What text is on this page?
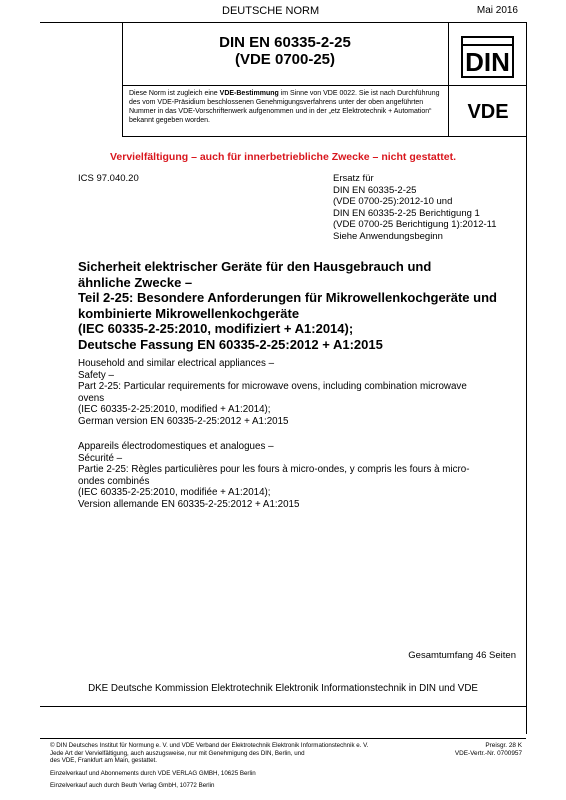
DEUTSCHE NORM	Mai 2016
DIN EN 60335-2-25
(VDE 0700-25)	DIN
Diese Norm ist zugleich eine VDE-Bestimmung im Sinne von VDE 0022. Sie ist nach Durchführung des vom VDE-Präsidium beschlossenen Genehmigungsverfahrens unter der oben angeführten Nummer in das VDE-Vorschriftenwerk aufgenommen und in der „etz Elektrotechnik + Automation“ bekannt gegeben worden.	VDE
Vervielfältigung – auch für innerbetriebliche Zwecke – nicht gestattet.
ICS 97.040.20	Ersatz für
DIN EN 60335-2-25
(VDE 0700-25):2012-10 und
DIN EN 60335-2-25 Berichtigung 1
(VDE 0700-25 Berichtigung 1):2012-11
Siehe Anwendungsbeginn
Sicherheit elektrischer Geräte für den Hausgebrauch und
ähnliche Zwecke –
Teil 2-25: Besondere Anforderungen für Mikrowellenkochgeräte und
kombinierte Mikrowellenkochgeräte
(IEC 60335-2-25:2010, modifiziert + A1:2014);
Deutsche Fassung EN 60335-2-25:2012 + A1:2015
Household and similar electrical appliances –
Safety –
Part 2-25: Particular requirements for microwave ovens, including combination microwave
ovens
(IEC 60335-2-25:2010, modified + A1:2014);
German version EN 60335-2-25:2012 + A1:2015
Appareils électrodomestiques et analogues –
Sécurité –
Partie 2-25: Règles particulières pour les fours à micro-ondes, y compris les fours à micro-
ondes combinés
(IEC 60335-2-25:2010, modifiée + A1:2014);
Version allemande EN 60335-2-25:2012 + A1:2015
Gesamtumfang 46 Seiten
DKE Deutsche Kommission Elektrotechnik Elektronik Informationstechnik in DIN und VDE
© DIN Deutsches Institut für Normung e. V. und VDE Verband der Elektrotechnik Elektronik Informationstechnik e. V.
Jede Art der Vervielfältigung, auch auszugsweise, nur mit Genehmigung des DIN, Berlin, und
des VDE, Frankfurt am Main, gestattet.
Preisgr. 28 K
VDE-Vertr.-Nr. 0700957
Einzelverkauf und Abonnements durch VDE VERLAG GMBH, 10625 Berlin
Einzelverkauf auch durch Beuth Verlag GmbH, 10772 Berlin
